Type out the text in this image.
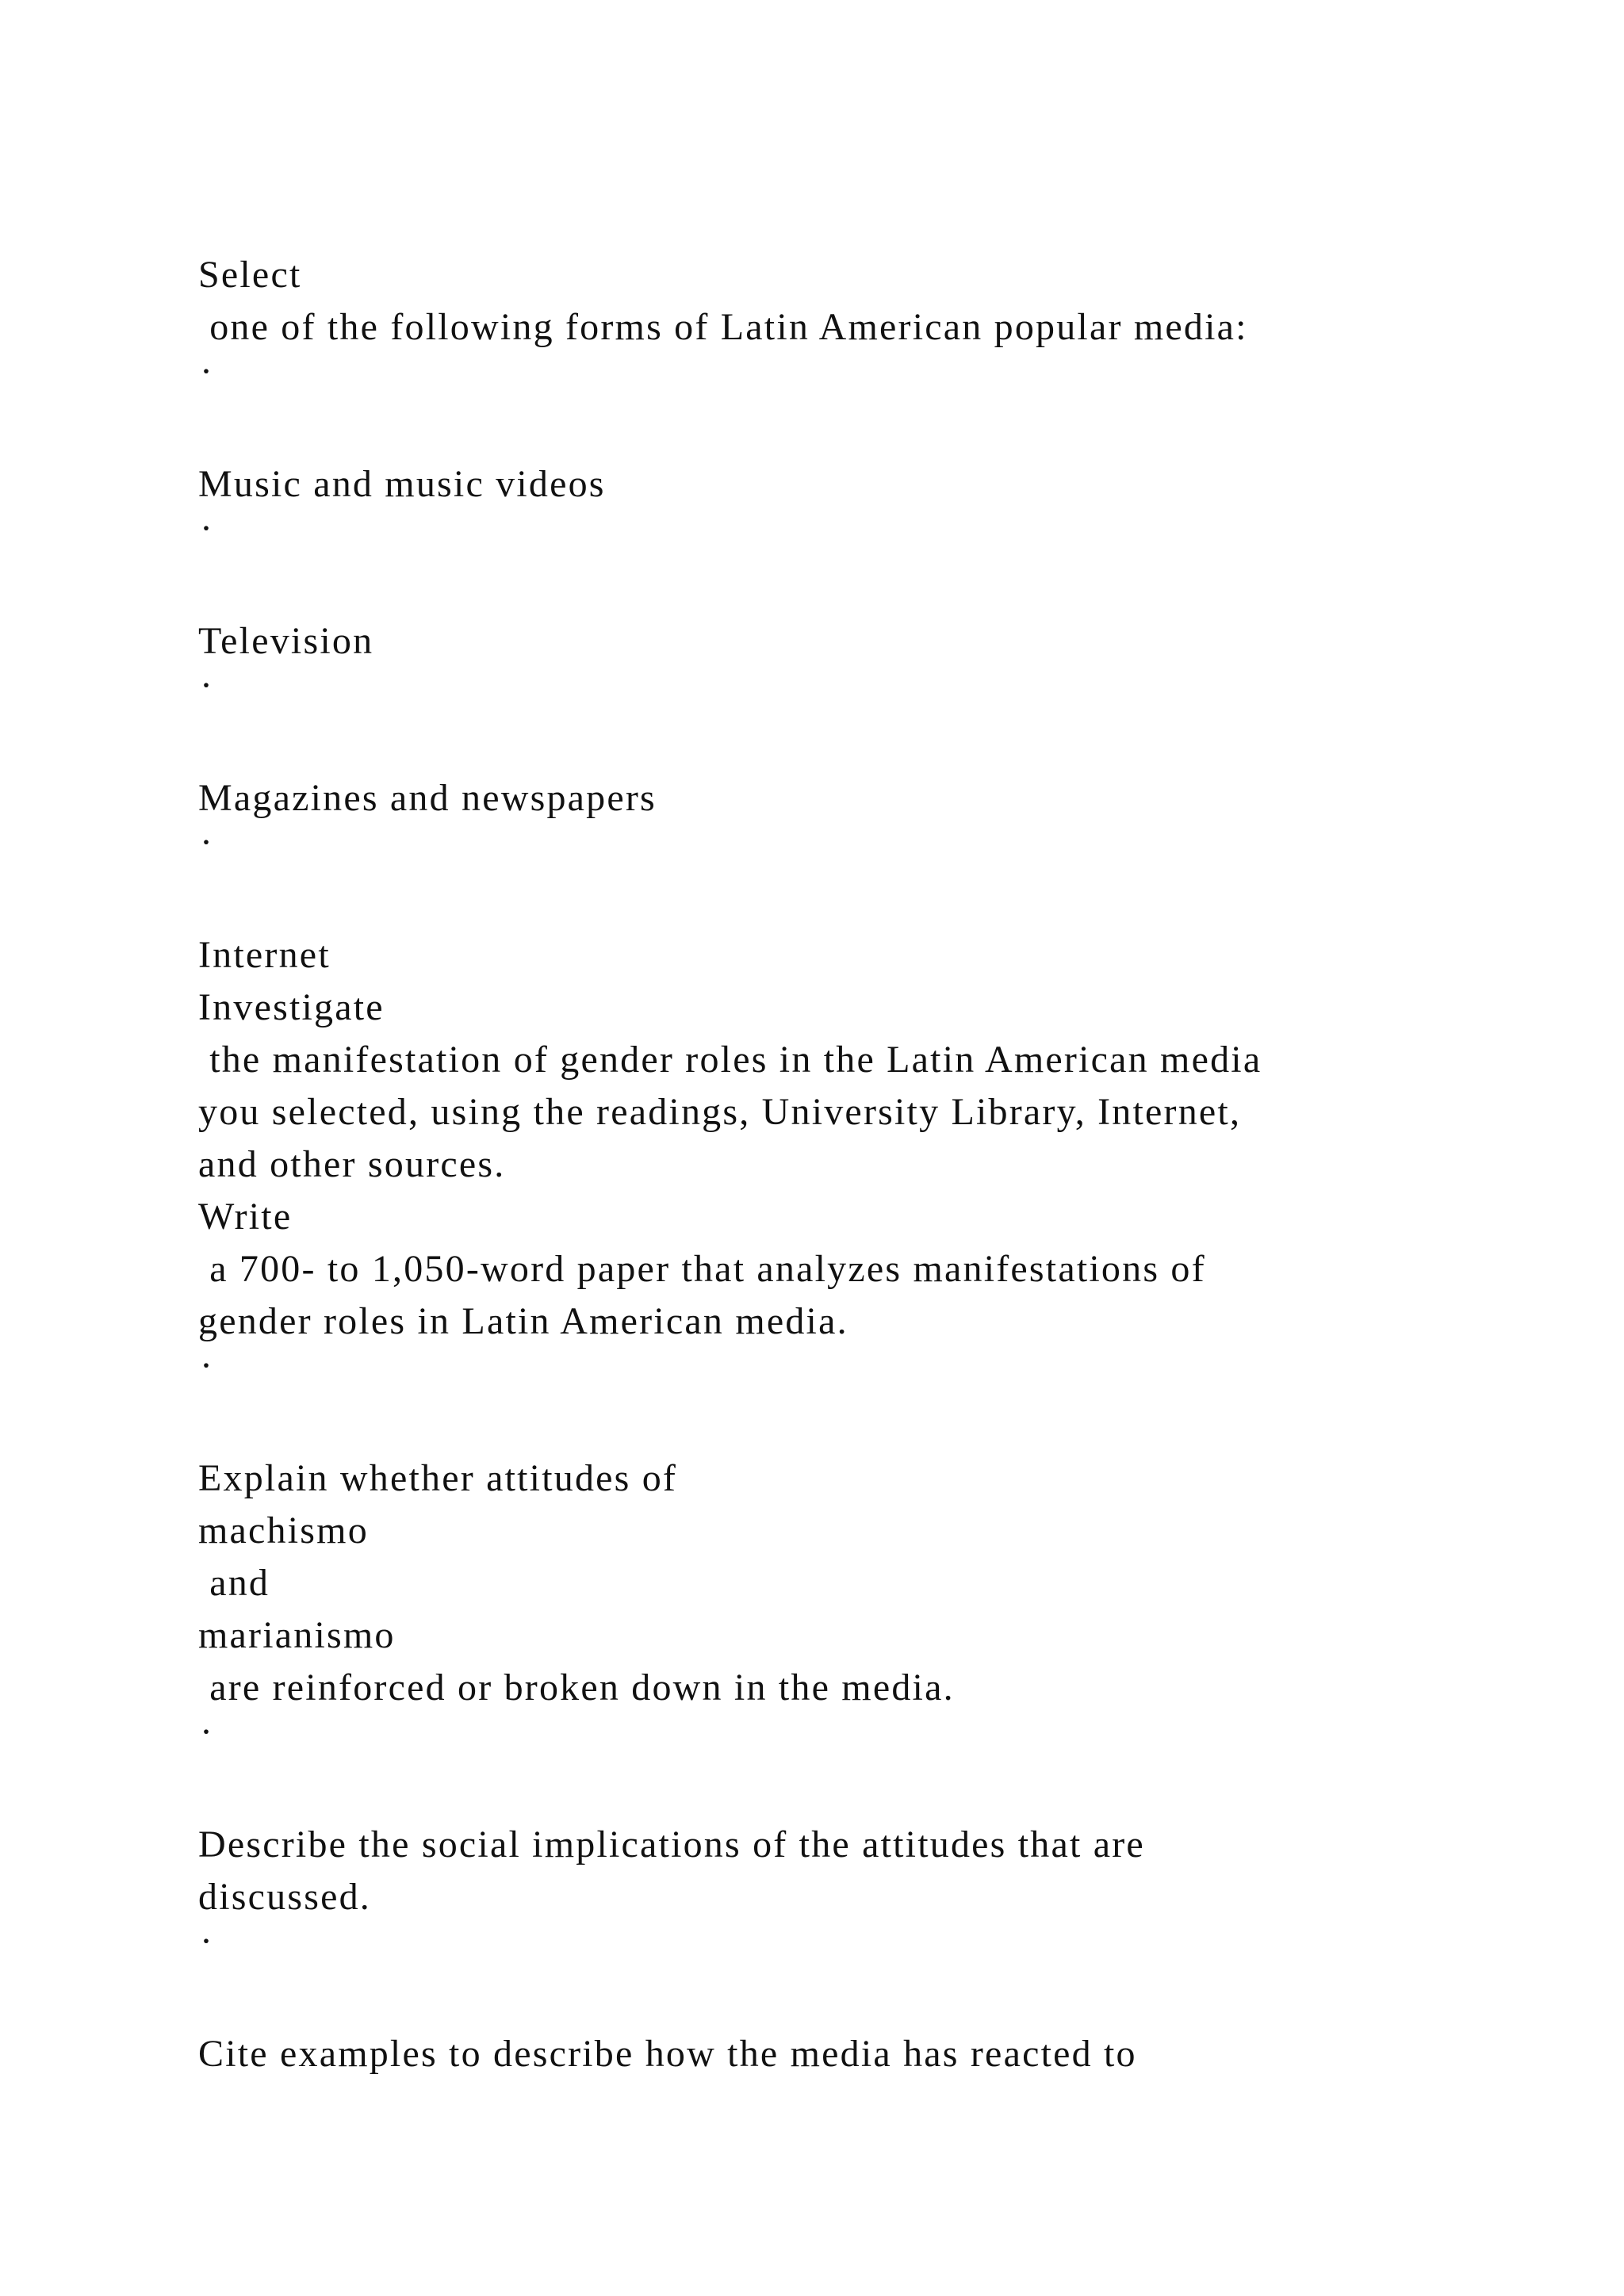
Select
one of the following forms of Latin American popular media:
·
Music and music videos
·
Television
·
Magazines and newspapers
·
Internet
Investigate
the manifestation of gender roles in the Latin American media
you selected, using the readings, University Library, Internet,
and other sources.
Write
a 700- to 1,050-word paper that analyzes manifestations of
gender roles in Latin American media.
·
Explain whether attitudes of
machismo
and
marianismo
are reinforced or broken down in the media.
·
Describe the social implications of the attitudes that are
discussed.
·
Cite examples to describe how the media has reacted to
